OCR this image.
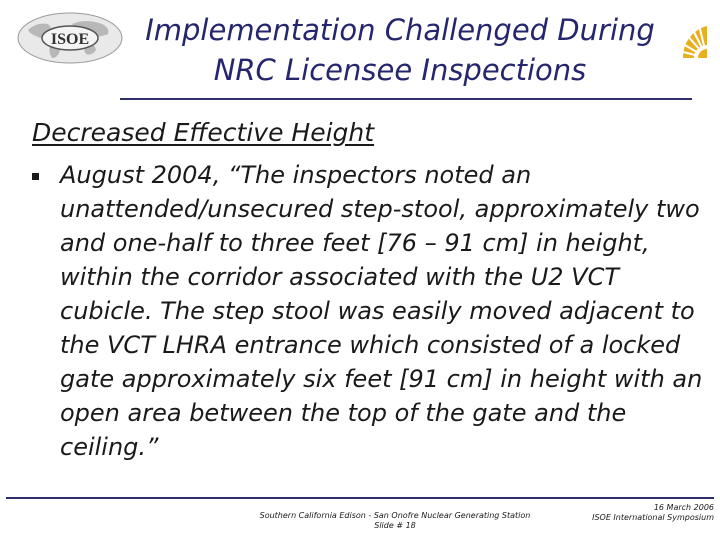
ISOE	Implementation Challenged During
NRC Licensee Inspections
Decreased Effective Height
August 2004, “The inspectors noted an unattended/unsecured step-stool, approximately two and one-half to three feet [76 – 91 cm] in height, within the corridor associated with the U2 VCT cubicle. The step stool was easily moved adjacent to the VCT LHRA entrance which consisted of a locked gate approximately six feet [91 cm] in height with an open area between the top of the gate and the ceiling.”
Southern California Edison - San Onofre Nuclear Generating Station
Slide # 18
16 March 2006
ISOE International Symposium
